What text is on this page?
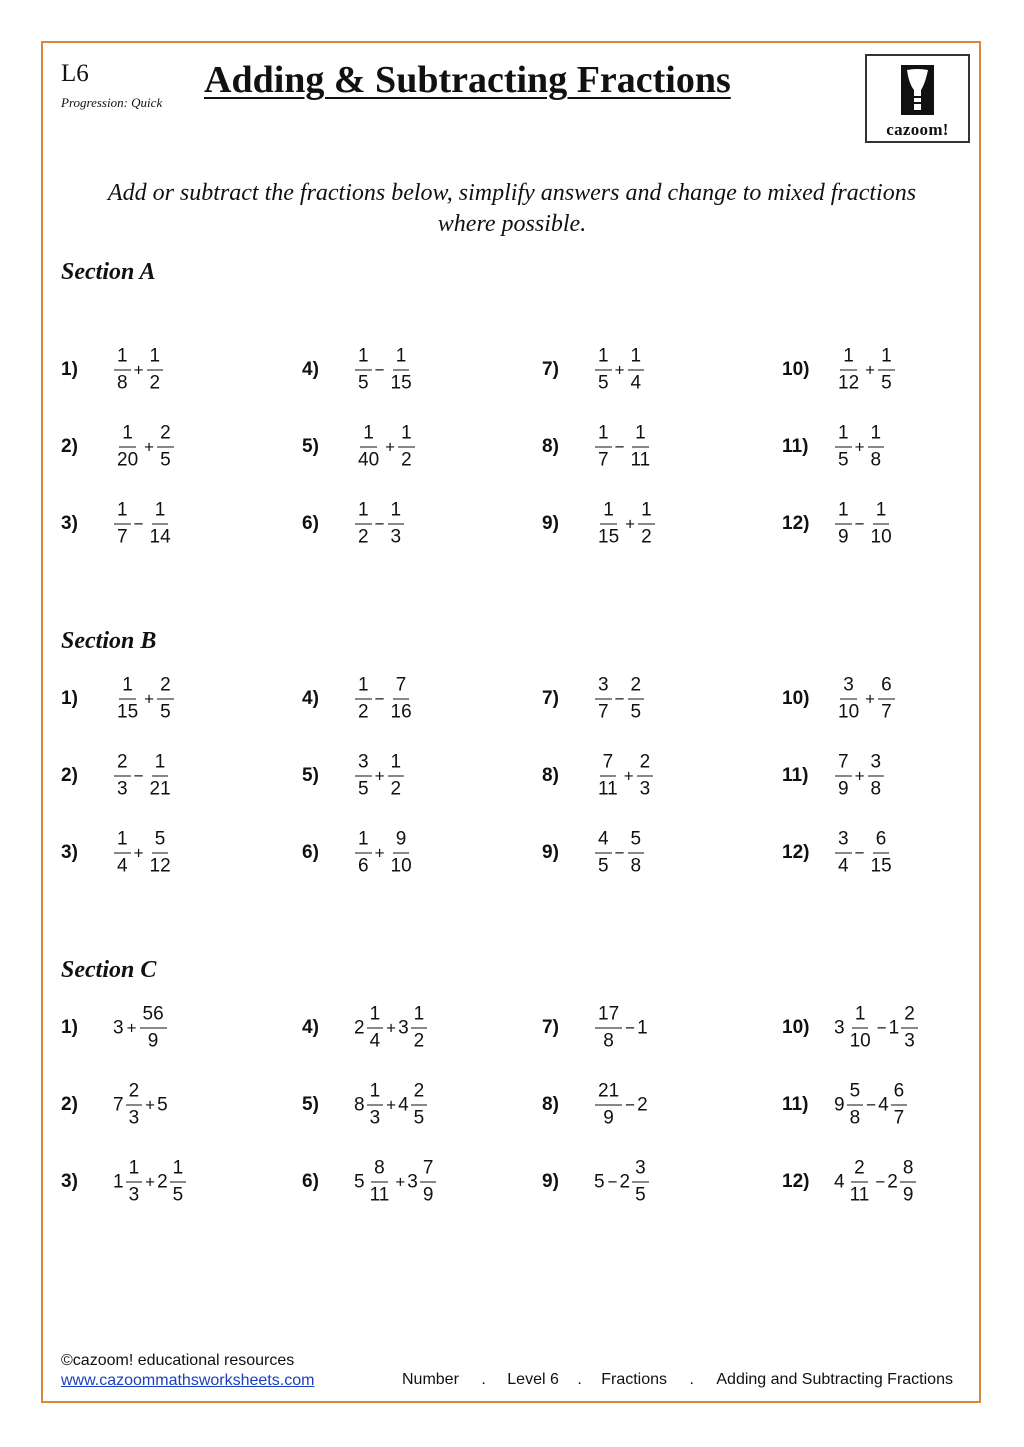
L6
Progression: Quick
Adding & Subtracting Fractions
cazoom!
Add or subtract the fractions below, simplify answers and change to mixed fractions where possible.
Section A
$1) \frac{1}{8} + \frac{1}{2}$
$2) \frac{1}{20} + \frac{2}{5}$
$3) \frac{1}{7} - \frac{1}{14}$
$4) \frac{1}{5} - \frac{1}{15}$
$5) \frac{1}{40} + \frac{1}{2}$
$6) \frac{1}{2} - \frac{1}{3}$
$7) \frac{1}{5} + \frac{1}{4}$
$8) \frac{1}{7} - \frac{1}{11}$
$9) \frac{1}{15} + \frac{1}{2}$
$10) \frac{1}{12} + \frac{1}{5}$
$11) \frac{1}{5} + \frac{1}{8}$
$12) \frac{1}{9} - \frac{1}{10}$
Section B
$1) \frac{1}{15} + \frac{2}{5}$
$2) \frac{2}{3} - \frac{1}{21}$
$3) \frac{1}{4} + \frac{5}{12}$
$4) \frac{1}{2} - \frac{7}{16}$
$5) \frac{3}{5} + \frac{1}{2}$
$6) \frac{1}{6} + \frac{9}{10}$
$7) \frac{3}{7} - \frac{2}{5}$
$8) \frac{7}{11} + \frac{2}{3}$
$9) \frac{4}{5} - \frac{5}{8}$
$10) \frac{3}{10} + \frac{6}{7}$
$11) \frac{7}{9} + \frac{3}{8}$
$12) \frac{3}{4} - \frac{6}{15}$
Section C
1) $3 + \frac{56}{9}$
2) $7 \frac{2}{3} + 5$
3) $1 \frac{1}{3} + 2 \frac{1}{5}$
4) $2 \frac{1}{4} + 3 \frac{1}{2}$
5) $8 \frac{1}{3} + 4 \frac{2}{5}$
6) $5 \frac{8}{11} + 3 \frac{7}{9}$
$7) \frac{17}{8} - 1$
$8) \frac{21}{9} - 2$
9) $5 - 2 \frac{3}{5}$
10) $3 \frac{1}{10} - 1 \frac{2}{3}$
11) $9 \frac{5}{8} - 4 \frac{6}{7}$
12) $4 \frac{2}{11} - 2 \frac{8}{9}$
©cazoom! educational resources
www.cazoommathsworksheets.com	Number . Level 6 . Fractions . Adding and Subtracting Fractions
